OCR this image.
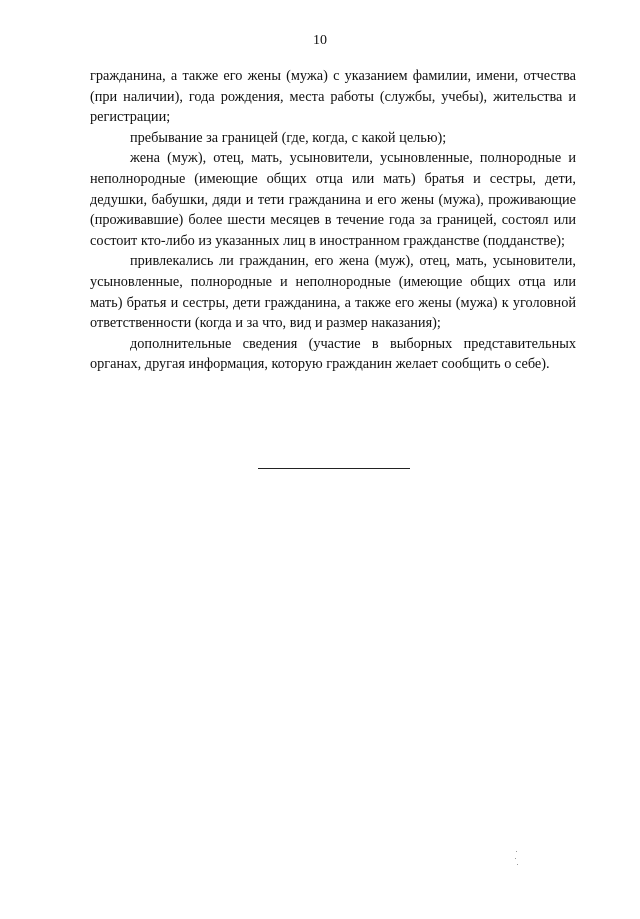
10

гражданина, а также его жены (мужа) с указанием фамилии, имени, отчества (при наличии), года рождения, места работы (службы, учебы), жительства и регистрации;

пребывание за границей (где, когда, с какой целью);

жена (муж), отец, мать, усыновители, усыновленные, полнородные и неполнородные (имеющие общих отца или мать) братья и сестры, дети, дедушки, бабушки, дяди и тети гражданина и его жены (мужа), проживающие (проживавшие) более шести месяцев в течение года за границей, состоял или состоит кто-либо из указанных лиц в иностранном гражданстве (подданстве);

привлекались ли гражданин, его жена (муж), отец, мать, усыновители, усыновленные, полнородные и неполнородные (имеющие общих отца или мать) братья и сестры, дети гражданина, а также его жены (мужа) к уголовной ответственности (когда и за что, вид и размер наказания);

дополнительные сведения (участие в выборных представительных органах, другая информация, которую гражданин желает сообщить о себе).
